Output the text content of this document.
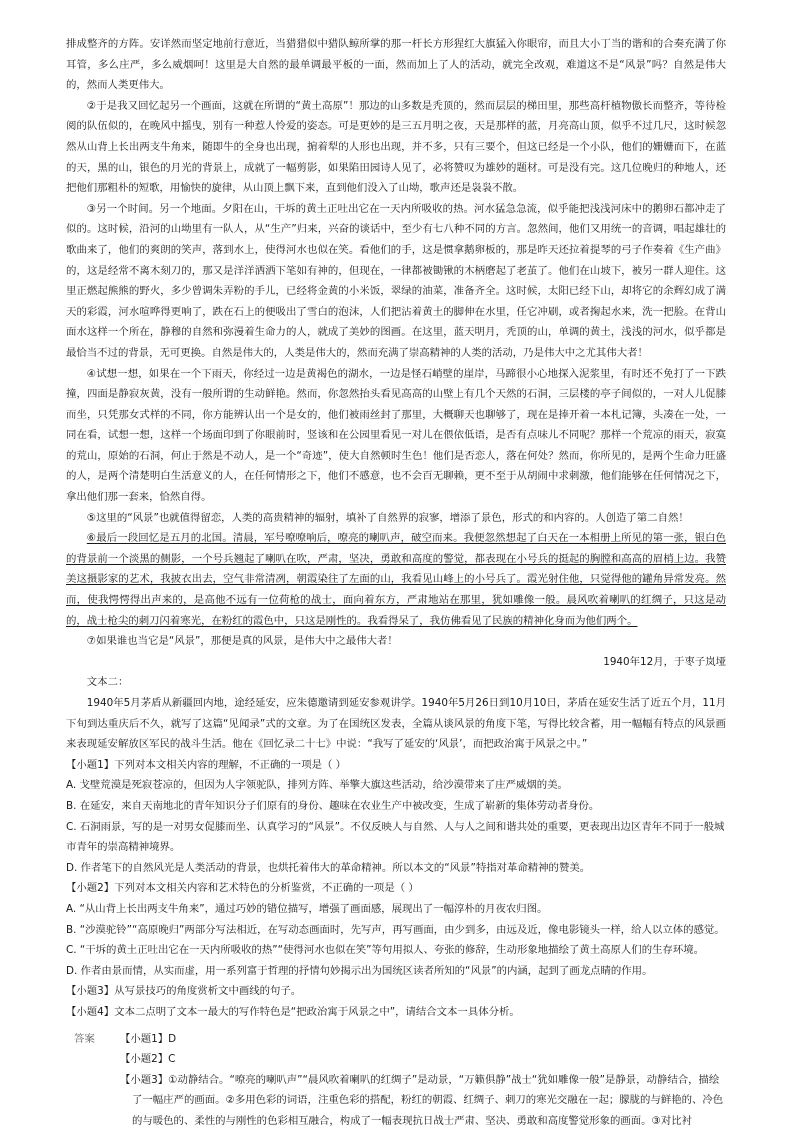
排成整齐的方阵。安详然而坚定地前行意近，当猎猎似中猎队鲸所掌的那一杆长方形猩红大旗猛入你眼帘，而且大小丁当的谐和的合奏充满了你耳管，多么庄严，多么威烟呵！这里是大自然的最单调最平板的一面，然而加上了人的活动，就完全改观，难道这不是“风景”吗？自然是伟大的，然而人类更伟大。

②于是我又回忆起另一个画面，这就在所谓的“黄土高原”！那边的山多数是秃顶的，然而层层的梯田里，那些高杆植物傲长而整齐，等待检阅的队伍似的，在晚风中摇曳，别有一种惹人怜爱的姿态。可是更妙的是三五月明之夜，天是那样的蓝，月亮高山顶，似乎不过几尺，这时候忽然从山背上长出两支牛角来，随即牛的全身也出现，掮着犁的人形也出现，并不多，只有三要个，但这已经是一个小队，他们的姗姗而下，在蓝的天，黑的山，银色的月光的背景上，成就了一幅剪影，如果陷田园诗人见了，必将赞叹为雄妙的题材。可是没有完。这几位晚归的种地人，还把他们那粗朴的短歌，用愉快的旋律，从山顶上飘下来，直到他们没入了山坳，歌声还是袅袅不散。

③另一个时间。另一个地面。夕阳在山，干坼的黄土正吐出它在一天内所吸收的热。河水猛急急流，似乎能把浅浅河床中的鹅卵石都冲走了似的。这时候，沿河的山坳里有一队人，从“生产”归来，兴奋的谈话中，至少有七八种不同的方言。忽然间，他们又用统一的音调，唱起雄壮的歌曲来了，他们的爽朗的笑声，落到水上，使得河水也似在笑。看他们的手，这是惯拿鹅卵板的，那是昨天还拉着提琴的弓子作奏着《生产曲》的，这是经常不离木刻刀的，那又是洋洋洒洒下笔如有神的，但现在，一律都被锄锹的木柄磨起了老茧了。他们在山坡下，被另一群人迎住。这里正燃起熊熊的野火，多少曾调朱弄粉的手儿，已经将金黄的小米饭，翠绿的油菜，准备齐全。这时候，太阳已经下山，却将它的余辉幻成了满天的彩霞，河水喧哗得更响了，跌在石上的便吸出了雪白的泡沫，人们把沾着黄土的脚伸在水里，任它冲刷，或者掬起水来，洗一把脸。在背山面水这样一个所在，静穆的自然和弥漫着生命力的人，就成了美妙的图画。在这里，蓝天明月，秃顶的山，单调的黄土，浅浅的河水，似乎都是最恰当不过的背景，无可更换。自然是伟大的，人类是伟大的，然而充满了崇高精神的人类的活动，乃是伟大中之尤其伟大者！

④试想一想，如果在一个下雨天，你经过一边是黄褐色的湖水，一边是怪石峭壁的崖岸，马蹄很小心地探入泥浆里，有时还不免打了一下跌撞，四面是静寂灰黄，没有一般所谓的生动鲜艳。然而，你忽然抬头看见高高的山壁上有几个天然的石洞，三层楼的亭子间似的，一对人儿促膝而坐，只凭那女式样的不同，你方能辨认出一个是女的，他们被雨丝封了那里，大概聊天也聊够了，现在是捧开着一本札记簿，头凑在一处，一同在看，试想一想，这样一个场面印到了你眼前时，竖该和在公园里看见一对儿在偎依低语，是否有点味儿不同呢？那样一个荒凉的雨天，寂寞的荒山，原始的石洞，何止于然是不动人，是一个“奇迹”，使大自然顿时生色！他们是否恋人，落在何处？然而，你所见的，是两个生命力旺盛的人，是两个清楚明白生活意义的人，在任何情形之下，他们不感意，也不会百无聊赖，更不至于从胡闹中求刺激，他们能够在任何情况之下，拿出他们那一套来，恰然自得。

⑤这里的“风景”也就值得留恋，人类的高贵精神的辐射，填补了自然界的寂寥，增添了景色，形式的和内容的。人创造了第二自然！

⑥最后一段回忆是五月的北国。清晨，军号嘹嘹响后，嘹亮的喇叭声，破空而来。我便忽然想起了白天在一本相册上所见的第一张，银白色的背景前一个淡黑的侧影，一个号兵翘起了喇叭在吹，严肃，坚决，勇敢和高度的警觉，都表现在小号兵的挺起的胸膛和高高的眉梢上边。我赞美这摄影家的艺术，我披衣出去，空气非常清冽，朝霞染往了左面的山，我看见山峰上的小号兵了。霞光射住他，只觉得他的罐角异常发亮。然而，使我愕愕得出声来的，是高他不远有一位荷枪的战士，面向着东方，严肃地站在那里，犹如雕像一般。晨风吹着喇叭的红绸子，只这是动的，战士枪尖的刺刀闪着寒光，在粉红的霞色中，只这是刚性的。我看得呆了，我仿佛看见了民族的精神化身而为他们两个。

⑦如果谁也当它是“风景”，那便是真的风景，是伟大中之最伟大者！

1940年12月，于枣子岚垭

文本二：

1940年5月茅盾从新疆回内地，途经延安，应朱德邀请到延安参观讲学。1940年5月26日到10月10日，茅盾在延安生活了近五个月，11月下旬到达重庆后不久，就写了这篇“见闻录”式的文章。为了在国统区发表，全篇从谈风景的角度下笔，写得比较含蓄，用一幅幅有特点的风景画来表现延安解放区军民的战斗生活。他在《回忆录二十七》中说：“我写了延安的‘风景’，而把政治寓于风景之中。”

【小题1】下列对本文相关内容的理解，不正确的一项是（ ）

A. 戈壁荒漠是死寂苍凉的，但因为人字领驼队，排列方阵、举擎大旗这些活动，给沙漠带来了庄严威烟的美。

B. 在延安，来自天南地北的青年知识分子们原有的身份、趣味在农业生产中被改变，生成了崭新的集体劳动者身份。

C. 石洞雨景，写的是一对男女促膝而坐、认真学习的“风景”。不仅反映人与自然、人与人之间和谐共处的重要，更表现出边区青年不同于一般城市青年的崇高精神境界。

D. 作者笔下的自然风光是人类活动的背景，也烘托着伟大的革命精神。所以本文的“风景”特指对革命精神的赞美。

【小题2】下列对本文相关内容和艺术特色的分析鉴赏，不正确的一项是（ ）

A. “从山背上长出两支牛角来”，通过巧妙的错位描写，增强了画面感，展现出了一幅淳朴的月夜农归图。

B. “沙漠驼铃”“高原晚归”两部分写法相近，在写动态画面时，先写声，再写画面，由少到多，由远及近，像电影镜头一样，给人以立体的感觉。

C. “干坼的黄土正吐出它在一天内所吸收的热”“使得河水也似在笑”等句用拟人、夸张的修辞，生动形象地描绘了黄土高原人们的生存环境。

D. 作者由景而情，从实而虚，用一系列富于哲理的抒情句妙揭示出为国统区读者所知的“风景”的内涵，起到了画龙点睛的作用。

【小题3】从写景技巧的角度赏析文中画线的句子。

【小题4】文本二点明了文本一最大的写作特色是“把政治寓于风景之中”，请结合文本一具体分析。

答案 【小题1】D

【小题2】C

【小题3】①动静结合。“嘹亮的喇叭声”“晨风吹着喇叭的红绸子”是动景，“万籁俱静”战士“犹如雕像一般”是静景，动静结合，描绘了一幅庄严的画面。②多用色彩的词语，注重色彩的搭配，粉红的朝霞、红绸子、刺刀的寒光交融在一起；朦胧的与鲜艳的、冷色的与暖色的、柔性的与刚性的色彩相互融合，构成了一幅表现抗日战士严肃、坚决、勇敢和高度警觉形象的画面。③对比衬
